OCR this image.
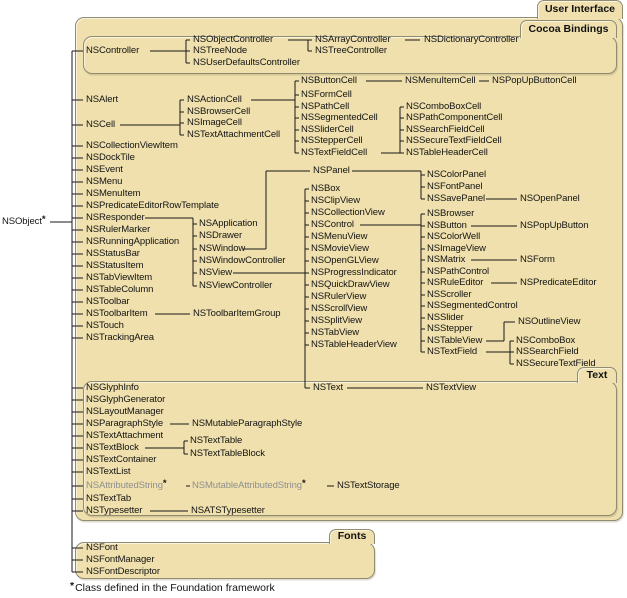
*Class defined in the Foundation framework
User Interface
Cocoa Bindings
Text
Fonts
NSObject*
NSController
NSObjectController
NSTreeNode
NSUserDefaultsController
NSArrayController
NSTreeController
NSDictionaryController
NSAlert
NSCell
NSActionCell
NSBrowserCell
NSImageCell
NSTextAttachmentCell
NSButtonCell
NSFormCell
NSPathCell
NSSegmentedCell
NSSliderCell
NSStepperCell
NSTextFieldCell
NSMenuItemCell NSPopUpButtonCell
NSComboBoxCell
NSPathComponentCell
NSSearchFieldCell
NSSecureTextFieldCell
NSTableHeaderCell
NSCollectionViewItem
NSDockTile
NSEvent
NSMenu
NSMenuItem
NSPredicateEditorRowTemplate
NSResponder
NSRulerMarker
NSRunningApplication
NSStatusBar
NSStatusItem
NSTabViewItem
NSTableColumn
NSToolbar
NSToolbarItem
NSTouch
NSTrackingArea
NSToolbarItemGroup
NSApplication
NSDrawer
NSWindow
NSWindowController
NSView
NSViewController
NSPanel	NSColorPanel
NSFontPanel
NSSavePanel	NSOpenPanel
NSBox
NSClipView
NSCollectionView
NSControl
NSMenuView
NSMovieView
NSOpenGLView
NSProgressIndicator
NSQuickDrawView
NSRulerView
NSScrollView
NSSplitView
NSTabView
NSTableHeaderView
NSBrowser
NSButton
NSColorWell
NSImageView
NSMatrix
NSPathControl
NSRuleEditor
NSScroller
NSSegmentedControl
NSSlider
NSStepper
NSTableView
NSTextField
NSPopUpButton
NSForm
NSPredicateEditor
NSOutlineView
NSComboBox
NSSearchField
NSSecureTextField
NSText	NSTextView
NSGlyphInfo
NSGlyphGenerator
NSLayoutManager
NSParagraphStyle	NSMutableParagraphStyle
NSTextAttachment
NSTextBlock
NSTextTable
NSTextTableBlock
NSTextContainer
NSTextList
NSAttributedString*	NSMutableAttributedString*	NSTextStorage
NSTextTab
NSTypesetter	NSATSTypesetter
NSFont
NSFontManager
NSFontDescriptor
